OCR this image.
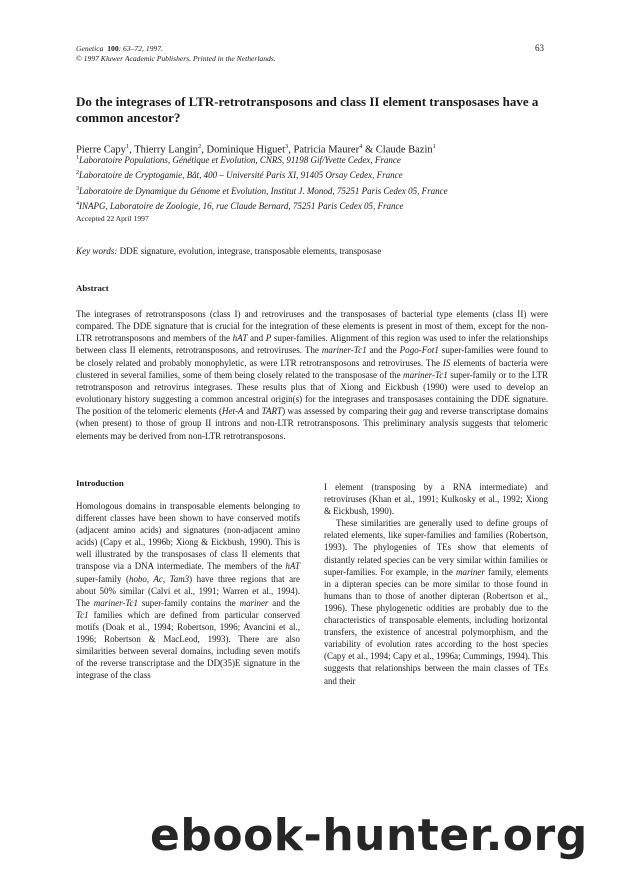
Genetica 100: 63–72, 1997.
© 1997 Kluwer Academic Publishers. Printed in the Netherlands.
63
Do the integrases of LTR-retrotransposons and class II element transposases have a common ancestor?
Pierre Capy$^1$, Thierry Langin$^2$, Dominique Higuet$^3$, Patricia Maurer$^4$ & Claude Bazin$^1$
$^1$Laboratoire Populations, Génétique et Evolution, CNRS, 91198 Gif/Yvette Cedex, France
$^2$Laboratoire de Cryptogamie, Bât, 400 – Université Paris XI, 91405 Orsay Cedex, France
$^3$Laboratoire de Dynamique du Génome et Evolution, Institut J. Monod, 75251 Paris Cedex 05, France
$^4$INAPG, Laboratoire de Zoologie, 16, rue Claude Bernard, 75251 Paris Cedex 05, France
Accepted 22 April 1997
Key words: DDE signature, evolution, integrase, transposable elements, transposase
Abstract

The integrases of retrotransposons (class I) and retroviruses and the transposases of bacterial type elements (class II) were compared. The DDE signature that is crucial for the integration of these elements is present in most of them, except for the non-LTR retrotransposons and members of the hAT and P super-families. Alignment of this region was used to infer the relationships between class II elements, retrotransposons, and retroviruses. The mariner-Tc1 and the Pogo-Fot1 super-families were found to be closely related and probably monophyletic, as were LTR retrotransposons and retroviruses. The IS elements of bacteria were clustered in several families, some of them being closely related to the transposase of the mariner-Tc1 super-family or to the LTR retrotransposon and retrovirus integrases. These results plus that of Xiong and Eickbush (1990) were used to develop an evolutionary history suggesting a common ancestral origin(s) for the integrases and transposases containing the DDE signature. The position of the telomeric elements (Het-A and TART) was assessed by comparing their gag and reverse transcriptase domains (when present) to those of group II introns and non-LTR retrotransposons. This preliminary analysis suggests that telomeric elements may be derived from non-LTR retrotransposons.

Introduction

Homologous domains in transposable elements belonging to different classes have been shown to have conserved motifs (adjacent amino acids) and signatures (non-adjacent amino acids) (Capy et al., 1996b; Xiong & Eickbush, 1990). This is well illustrated by the transposases of class II elements that transpose via a DNA intermediate. The members of the hAT super-family (hobo, Ac, Tam3) have three regions that are about 50% similar (Calvi et al., 1991; Warren et al., 1994). The mariner-Tc1 super-family contains the mariner and the Tc1 families which are defined from particular conserved motifs (Doak et al., 1994; Robertson, 1996; Avancini et al., 1996; Robertson & MacLeod, 1993). There are also similarities between several domains, including seven motifs of the reverse transcriptase and the DD(35)E signature in the integrase of the class

I element (transposing by a RNA intermediate) and retroviruses (Khan et al., 1991; Kulkosky et al., 1992; Xiong & Eickbush, 1990).

These similarities are generally used to define groups of related elements, like super-families and families (Robertson, 1993). The phylogenies of TEs show that elements of distantly related species can be very similar within families or super-families. For example, in the mariner family, elements in a dipteran species can be more similar to those found in humans than to those of another dipteran (Robertson et al., 1996). These phylogenetic oddities are probably due to the characteristics of transposable elements, including horizontal transfers, the existence of ancestral polymorphism, and the variability of evolution rates according to the host species (Capy et al., 1994; Capy et al., 1996a; Cummings, 1994). This suggests that relationships between the main classes of TEs and their

ebook-hunter.org
